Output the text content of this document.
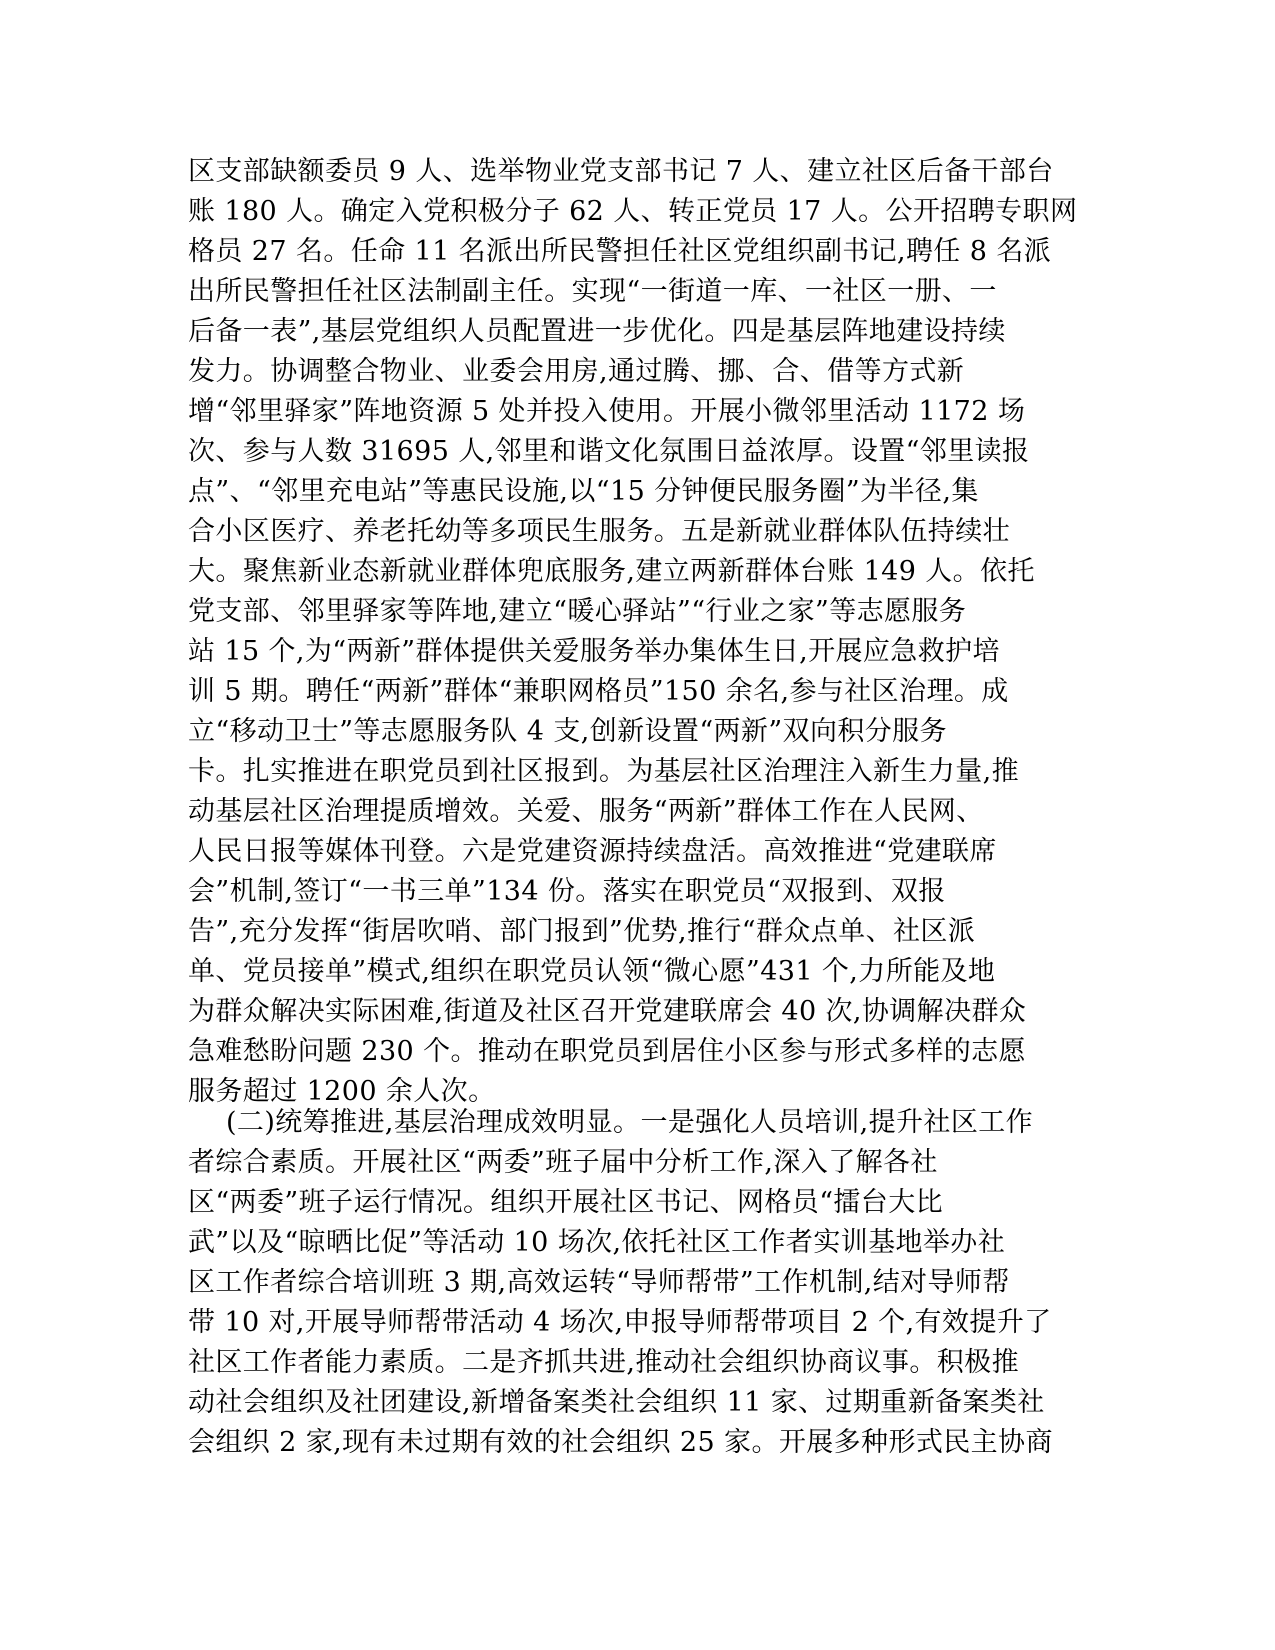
区支部缺额委员 9 人、选举物业党支部书记 7 人、建立社区后备干部台
账 180 人。确定入党积极分子 62 人、转正党员 17 人。公开招聘专职网
格员 27 名。任命 11 名派出所民警担任社区党组织副书记,聘任 8 名派
出所民警担任社区法制副主任。实现“一街道一库、一社区一册、一
后备一表”,基层党组织人员配置进一步优化。四是基层阵地建设持续
发力。协调整合物业、业委会用房,通过腾、挪、合、借等方式新
增“邻里驿家”阵地资源 5 处并投入使用。开展小微邻里活动 1172 场
次、参与人数 31695 人,邻里和谐文化氛围日益浓厚。设置“邻里读报
点”、“邻里充电站”等惠民设施,以“15 分钟便民服务圈”为半径,集
合小区医疗、养老托幼等多项民生服务。五是新就业群体队伍持续壮
大。聚焦新业态新就业群体兜底服务,建立两新群体台账 149 人。依托
党支部、邻里驿家等阵地,建立“暖心驿站”“行业之家”等志愿服务
站 15 个,为“两新”群体提供关爱服务举办集体生日,开展应急救护培
训 5 期。聘任“两新”群体“兼职网格员”150 余名,参与社区治理。成
立“移动卫士”等志愿服务队 4 支,创新设置“两新”双向积分服务
卡。扎实推进在职党员到社区报到。为基层社区治理注入新生力量,推
动基层社区治理提质增效。关爱、服务“两新”群体工作在人民网、
人民日报等媒体刊登。六是党建资源持续盘活。高效推进“党建联席
会”机制,签订“一书三单”134 份。落实在职党员“双报到、双报
告”,充分发挥“街居吹哨、部门报到”优势,推行“群众点单、社区派
单、党员接单”模式,组织在职党员认领“微心愿”431 个,力所能及地
为群众解决实际困难,街道及社区召开党建联席会 40 次,协调解决群众
急难愁盼问题 230 个。推动在职党员到居住小区参与形式多样的志愿
服务超过 1200 余人次。
(二)统筹推进,基层治理成效明显。一是强化人员培训,提升社区工作
者综合素质。开展社区“两委”班子届中分析工作,深入了解各社
区“两委”班子运行情况。组织开展社区书记、网格员“擂台大比
武”以及“晾晒比促”等活动 10 场次,依托社区工作者实训基地举办社
区工作者综合培训班 3 期,高效运转“导师帮带”工作机制,结对导师帮
带 10 对,开展导师帮带活动 4 场次,申报导师帮带项目 2 个,有效提升了
社区工作者能力素质。二是齐抓共进,推动社会组织协商议事。积极推
动社会组织及社团建设,新增备案类社会组织 11 家、过期重新备案类社
会组织 2 家,现有未过期有效的社会组织 25 家。开展多种形式民主协商
